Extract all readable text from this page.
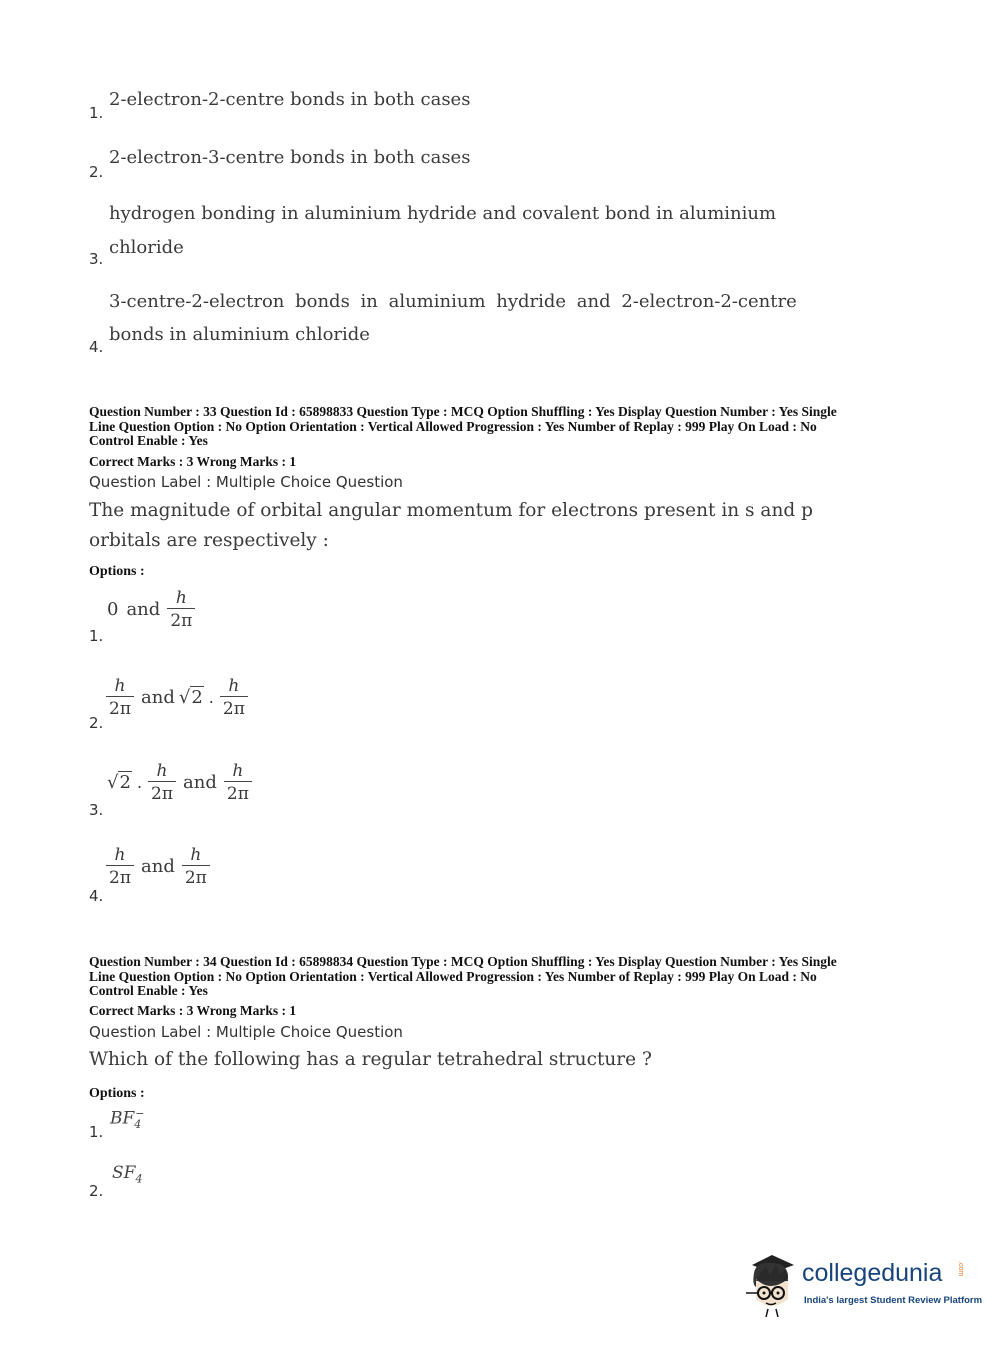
2-electron-2-centre bonds in both cases
1.
2-electron-3-centre bonds in both cases
2.
hydrogen bonding in aluminium hydride and covalent bond in aluminium
chloride
3.
3-centre-2-electron bonds in aluminium hydride and 2-electron-2-centre
bonds in aluminium chloride
4.
Question Number : 33 Question Id : 65898833 Question Type : MCQ Option Shuffling : Yes Display Question Number : Yes Single
Line Question Option : No Option Orientation : Vertical Allowed Progression : Yes Number of Replay : 999 Play On Load : No
Control Enable : Yes
Correct Marks : 3 Wrong Marks : 1
Question Label : Multiple Choice Question
The magnitude of orbital angular momentum for electrons present in s and p
orbitals are respectively :
Options :
0 and $\frac{h}{2\pi}$
1.
$\frac{h}{2\pi}$ and √2 . $\frac{h}{2\pi}$
2.
√2 . $\frac{h}{2\pi}$ and $\frac{h}{2\pi}$
3.
$\frac{h}{2\pi}$ and $\frac{h}{2\pi}$
4.
Question Number : 34 Question Id : 65898834 Question Type : MCQ Option Shuffling : Yes Display Question Number : Yes Single
Line Question Option : No Option Orientation : Vertical Allowed Progression : Yes Number of Replay : 999 Play On Load : No
Control Enable : Yes
Correct Marks : 3 Wrong Marks : 1
Question Label : Multiple Choice Question
Which of the following has a regular tetrahedral structure ?
Options :
$BF_4^-$
1.
$SF_4$
2.
collegedunia .com
India's largest Student Review Platform
